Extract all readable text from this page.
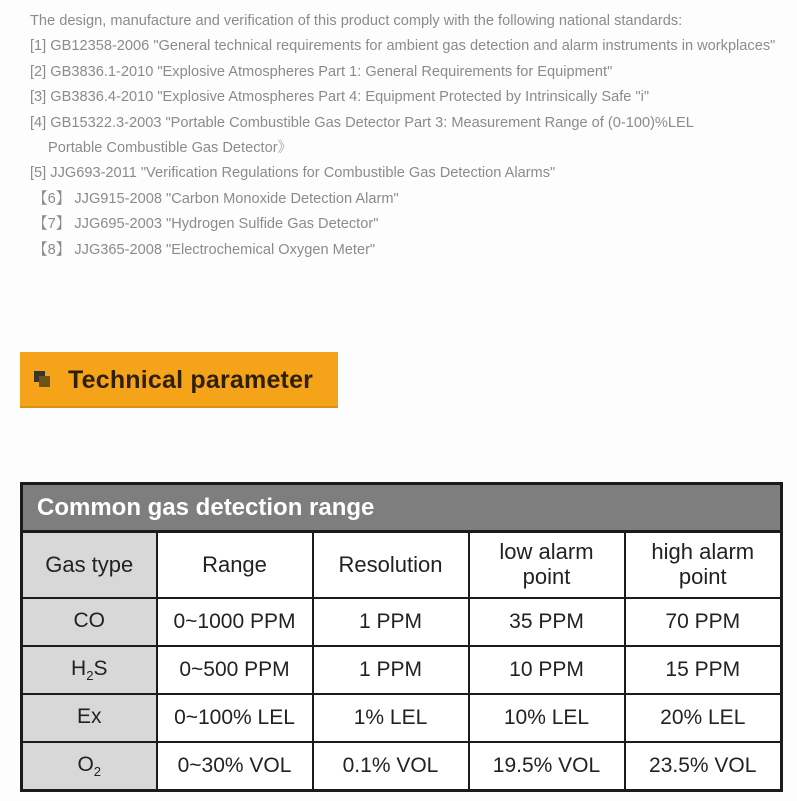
The design, manufacture and verification of this product comply with the following national standards:
[1] GB12358-2006 "General technical requirements for ambient gas detection and alarm instruments in workplaces"
[2] GB3836.1-2010 "Explosive Atmospheres Part 1: General Requirements for Equipment"
[3] GB3836.4-2010 "Explosive Atmospheres Part 4: Equipment Protected by Intrinsically Safe "i"
[4] GB15322.3-2003 "Portable Combustible Gas Detector Part 3: Measurement Range of (0-100)%LEL
Portable Combustible Gas Detector》
[5] JJG693-2011 "Verification Regulations for Combustible Gas Detection Alarms"
【6】 JJG915-2008 "Carbon Monoxide Detection Alarm"
【7】 JJG695-2003 "Hydrogen Sulfide Gas Detector"
【8】 JJG365-2008 "Electrochemical Oxygen Meter"
Technical parameter
Common gas detection range				
Gas type	Range	Resolution	low alarm point	high alarm point
CO	0~1000 PPM	1 PPM	35 PPM	70 PPM
$H_2S$	0~500 PPM	1 PPM	10 PPM	15 PPM
Ex	0~100% LEL	1% LEL	10% LEL	20% LEL
$O_2$	0~30% VOL	0.1% VOL	19.5% VOL	23.5% VOL
